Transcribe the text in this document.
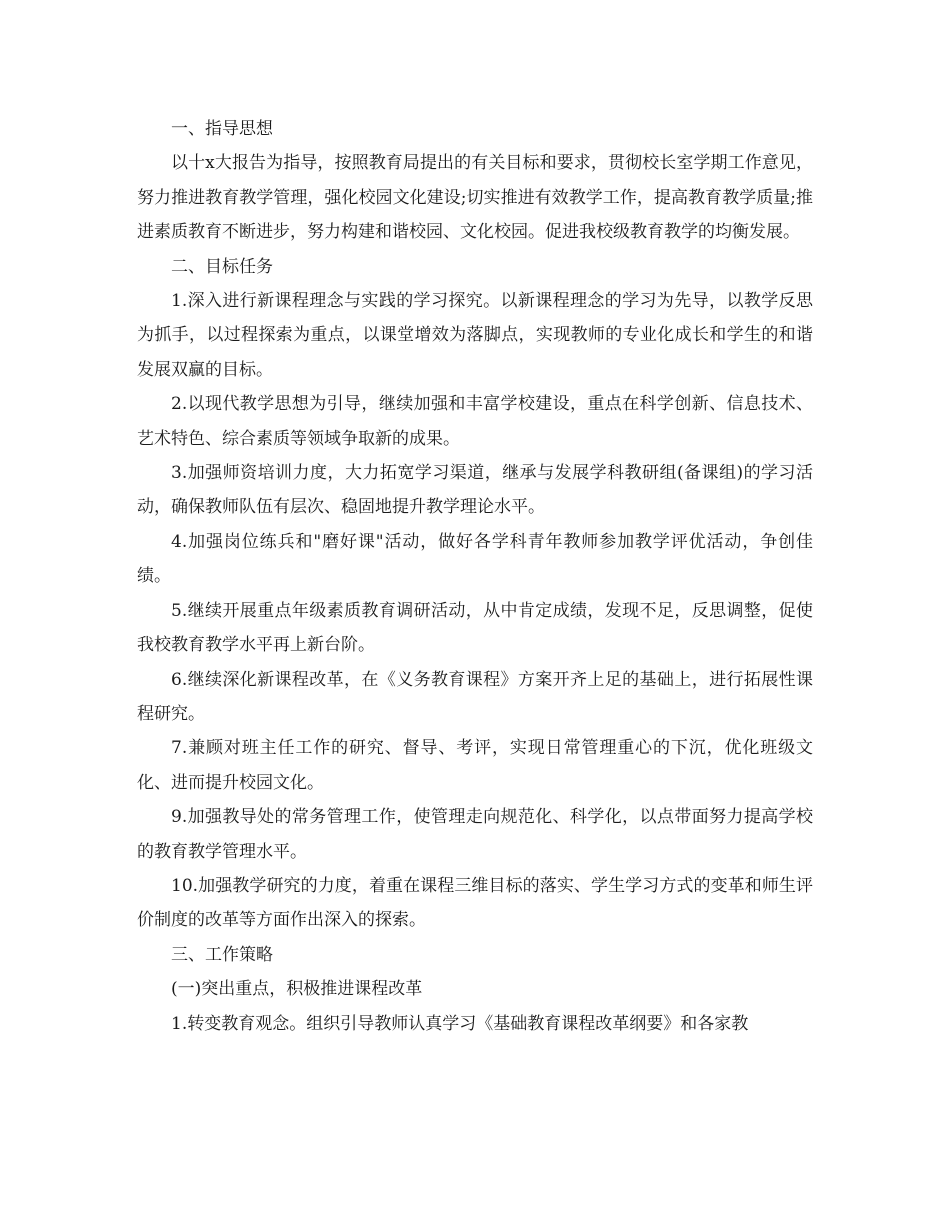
一、指导思想

以十x大报告为指导，按照教育局提出的有关目标和要求，贯彻校长室学期工作意见，努力推进教育教学管理，强化校园文化建设;切实推进有效教学工作，提高教育教学质量;推进素质教育不断进步，努力构建和谐校园、文化校园。促进我校级教育教学的均衡发展。

二、目标任务

1.深入进行新课程理念与实践的学习探究。以新课程理念的学习为先导，以教学反思为抓手，以过程探索为重点，以课堂增效为落脚点，实现教师的专业化成长和学生的和谐发展双赢的目标。

2.以现代教学思想为引导，继续加强和丰富学校建设，重点在科学创新、信息技术、艺术特色、综合素质等领域争取新的成果。

3.加强师资培训力度，大力拓宽学习渠道，继承与发展学科教研组(备课组)的学习活动，确保教师队伍有层次、稳固地提升教学理论水平。

4.加强岗位练兵和"磨好课"活动，做好各学科青年教师参加教学评优活动，争创佳绩。

5.继续开展重点年级素质教育调研活动，从中肯定成绩，发现不足，反思调整，促使我校教育教学水平再上新台阶。

6.继续深化新课程改革，在《义务教育课程》方案开齐上足的基础上，进行拓展性课程研究。

7.兼顾对班主任工作的研究、督导、考评，实现日常管理重心的下沉，优化班级文化、进而提升校园文化。

9.加强教导处的常务管理工作，使管理走向规范化、科学化，以点带面努力提高学校的教育教学管理水平。

10.加强教学研究的力度，着重在课程三维目标的落实、学生学习方式的变革和师生评价制度的改革等方面作出深入的探索。

三、工作策略

(一)突出重点，积极推进课程改革

1.转变教育观念。组织引导教师认真学习《基础教育课程改革纲要》和各家教
